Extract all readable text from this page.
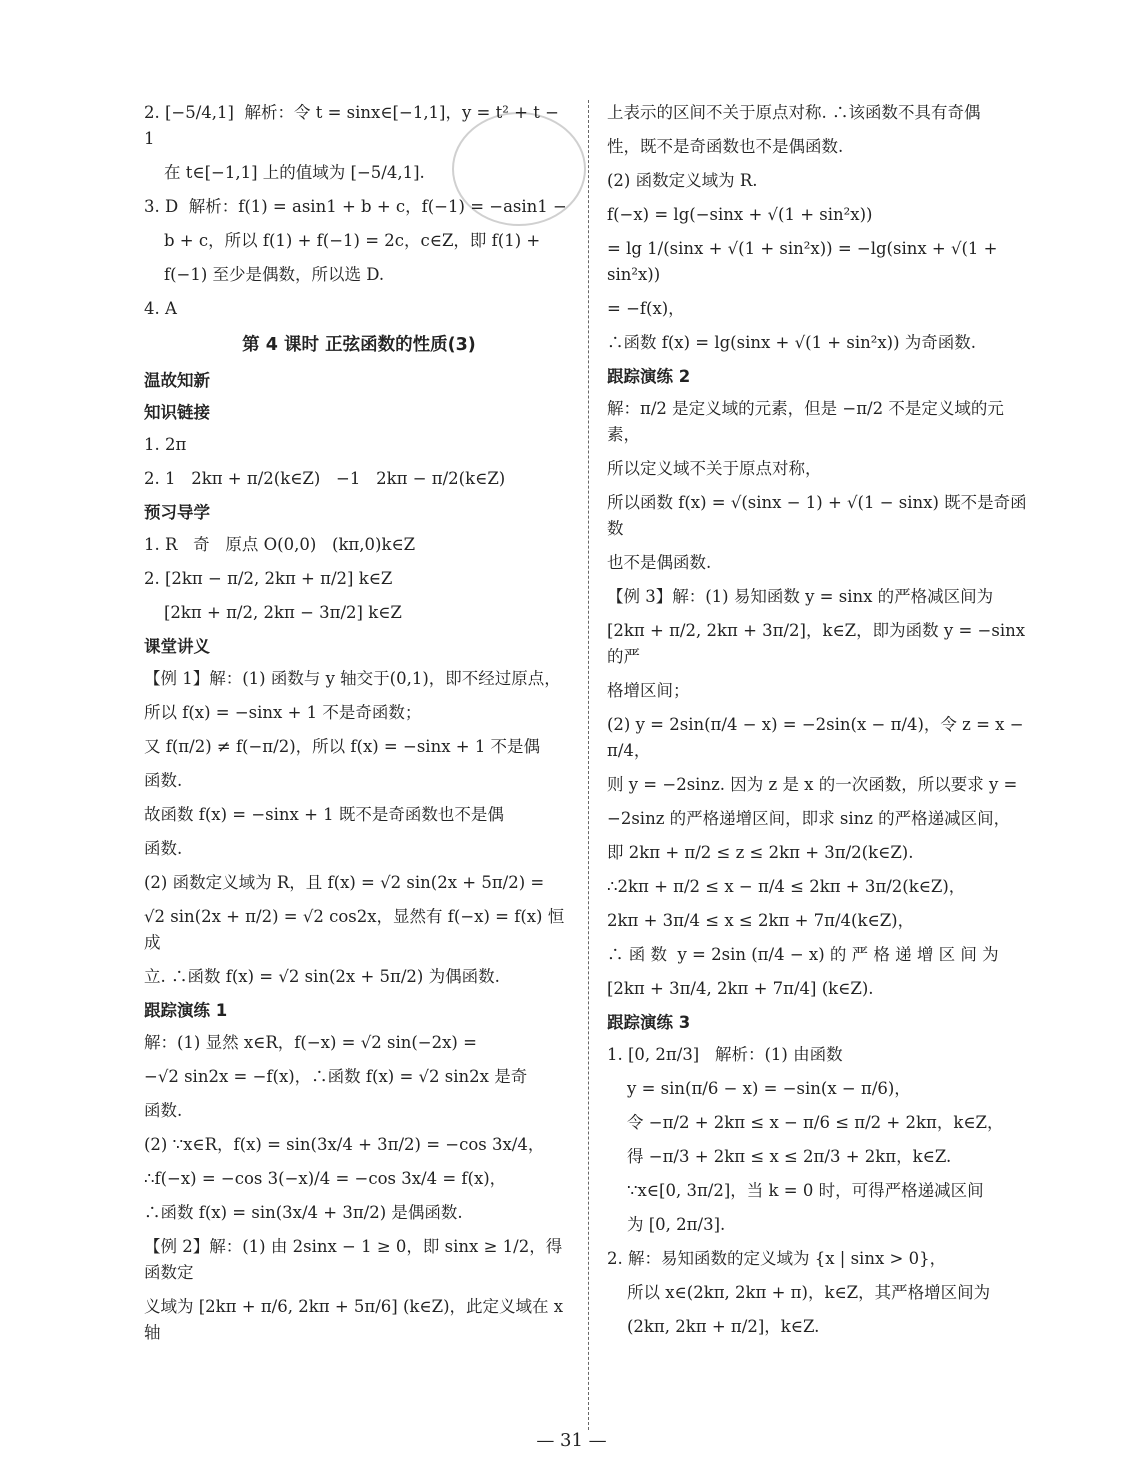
2. [−5/4,1]  解析：令 t = sinx∈[−1,1]，y = t² + t − 1
在 t∈[−1,1] 上的值域为 [−5/4,1].
3. D  解析：f(1) = asin1 + b + c，f(−1) = −asin1 −
b + c，所以 f(1) + f(−1) = 2c，c∈Z，即 f(1) +
f(−1) 至少是偶数，所以选 D.
4. A
第 4 课时 正弦函数的性质(3)
温故知新
知识链接
1. 2π
2. 1   2kπ + π/2(k∈Z)   −1   2kπ − π/2(k∈Z)
预习导学
1. R   奇   原点 O(0,0)   (kπ,0)k∈Z
2. [2kπ − π/2, 2kπ + π/2] k∈Z
[2kπ + π/2, 2kπ − 3π/2] k∈Z
课堂讲义
【例 1】解：(1) 函数与 y 轴交于(0,1)，即不经过原点，
所以 f(x) = −sinx + 1 不是奇函数；
又 f(π/2) ≠ f(−π/2)，所以 f(x) = −sinx + 1 不是偶
函数.
故函数 f(x) = −sinx + 1 既不是奇函数也不是偶
函数.
(2) 函数定义域为 R，且 f(x) = √2 sin(2x + 5π/2) =
√2 sin(2x + π/2) = √2 cos2x，显然有 f(−x) = f(x) 恒成
立. ∴函数 f(x) = √2 sin(2x + 5π/2) 为偶函数.
跟踪演练 1
解：(1) 显然 x∈R，f(−x) = √2 sin(−2x) =
−√2 sin2x = −f(x)，∴函数 f(x) = √2 sin2x 是奇
函数.
(2) ∵x∈R，f(x) = sin(3x/4 + 3π/2) = −cos 3x/4，
∴f(−x) = −cos 3(−x)/4 = −cos 3x/4 = f(x)，
∴函数 f(x) = sin(3x/4 + 3π/2) 是偶函数.
【例 2】解：(1) 由 2sinx − 1 ≥ 0，即 sinx ≥ 1/2，得函数定
义域为 [2kπ + π/6, 2kπ + 5π/6] (k∈Z)，此定义域在 x 轴
上表示的区间不关于原点对称. ∴该函数不具有奇偶
性，既不是奇函数也不是偶函数.
(2) 函数定义域为 R.
f(−x) = lg(−sinx + √(1 + sin²x))
= lg 1/(sinx + √(1 + sin²x)) = −lg(sinx + √(1 + sin²x))
= −f(x)，
∴函数 f(x) = lg(sinx + √(1 + sin²x)) 为奇函数.
跟踪演练 2
解：π/2 是定义域的元素，但是 −π/2 不是定义域的元素，
所以定义域不关于原点对称，
所以函数 f(x) = √(sinx − 1) + √(1 − sinx) 既不是奇函数
也不是偶函数.
【例 3】解：(1) 易知函数 y = sinx 的严格减区间为
[2kπ + π/2, 2kπ + 3π/2]，k∈Z，即为函数 y = −sinx 的严
格增区间；
(2) y = 2sin(π/4 − x) = −2sin(x − π/4)，令 z = x − π/4，
则 y = −2sinz. 因为 z 是 x 的一次函数，所以要求 y =
−2sinz 的严格递增区间，即求 sinz 的严格递减区间，
即 2kπ + π/2 ≤ z ≤ 2kπ + 3π/2(k∈Z).
∴2kπ + π/2 ≤ x − π/4 ≤ 2kπ + 3π/2(k∈Z)，
2kπ + 3π/4 ≤ x ≤ 2kπ + 7π/4(k∈Z)，
∴ 函 数  y = 2sin (π/4 − x) 的 严 格 递 增 区 间 为
[2kπ + 3π/4, 2kπ + 7π/4] (k∈Z).
跟踪演练 3
1. [0, 2π/3]   解析：(1) 由函数
y = sin(π/6 − x) = −sin(x − π/6)，
令 −π/2 + 2kπ ≤ x − π/6 ≤ π/2 + 2kπ，k∈Z，
得 −π/3 + 2kπ ≤ x ≤ 2π/3 + 2kπ，k∈Z.
∵x∈[0, 3π/2]，当 k = 0 时，可得严格递减区间
为 [0, 2π/3].
2. 解：易知函数的定义域为 {x | sinx > 0}，
所以 x∈(2kπ, 2kπ + π)，k∈Z，其严格增区间为
(2kπ, 2kπ + π/2]，k∈Z.
— 31 —
